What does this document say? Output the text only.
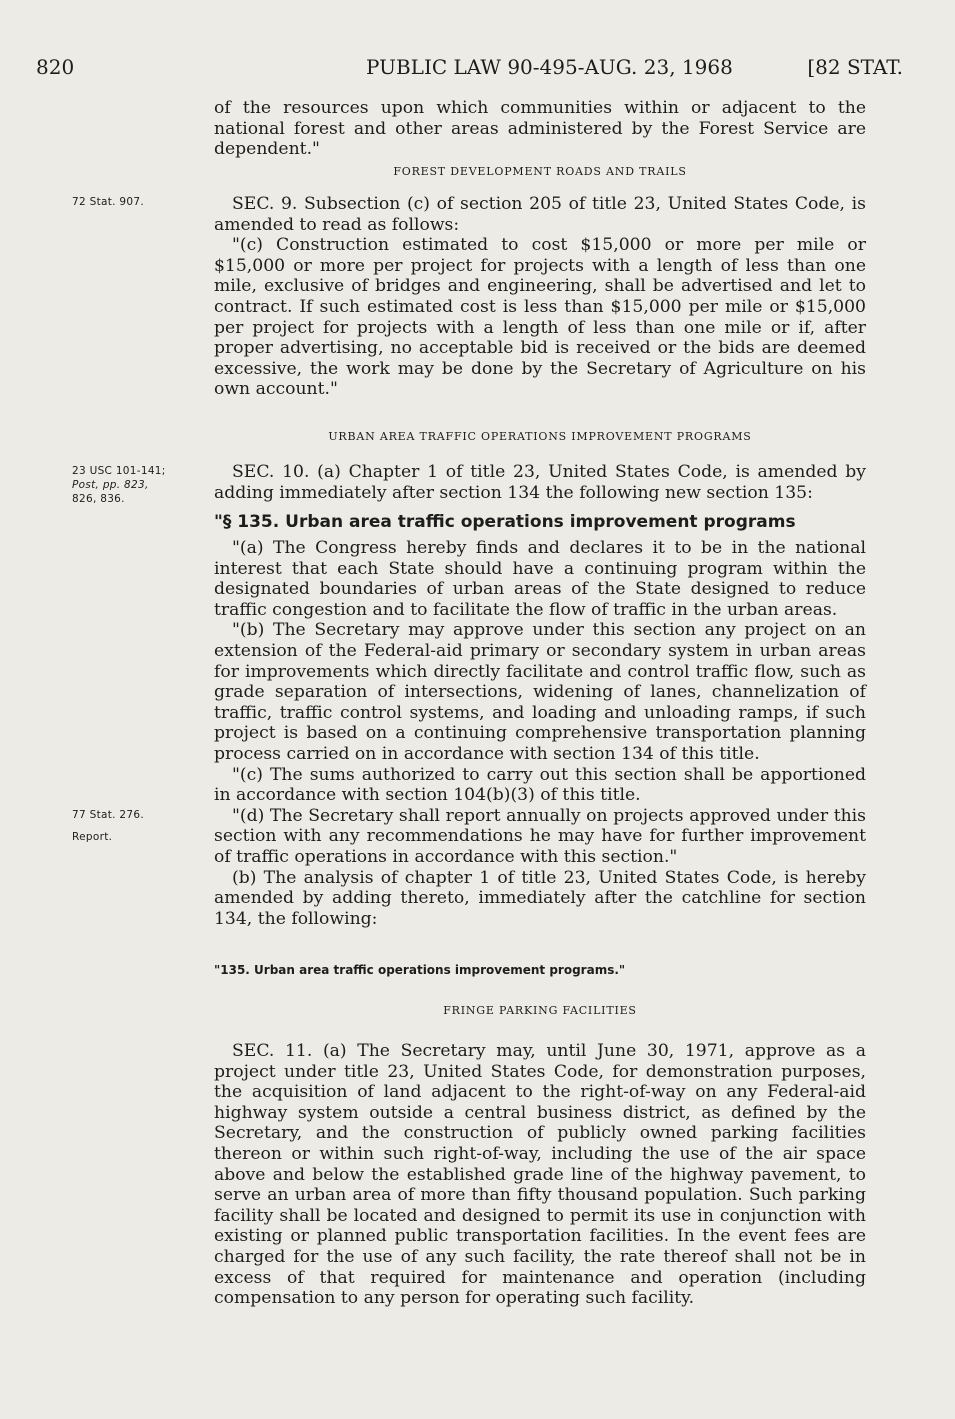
820	PUBLIC LAW 90-495-AUG. 23, 1968	[82 STAT.

of the resources upon which communities within or adjacent to the national forest and other areas administered by the Forest Service are dependent."

FOREST DEVELOPMENT ROADS AND TRAILS
72 Stat. 907.	SEC. 9. Subsection (c) of section 205 of title 23, United States Code, is amended to read as follows:

"(c) Construction estimated to cost $15,000 or more per mile or $15,000 or more per project for projects with a length of less than one mile, exclusive of bridges and engineering, shall be advertised and let to contract. If such estimated cost is less than $15,000 per mile or $15,000 per project for projects with a length of less than one mile or if, after proper advertising, no acceptable bid is received or the bids are deemed excessive, the work may be done by the Secretary of Agriculture on his own account."

URBAN AREA TRAFFIC OPERATIONS IMPROVEMENT PROGRAMS
23 USC 101-141;
Post, pp. 823,
826, 836.

SEC. 10. (a) Chapter 1 of title 23, United States Code, is amended by adding immediately after section 134 the following new section 135:

"§ 135. Urban area traffic operations improvement programs

"(a) The Congress hereby finds and declares it to be in the national interest that each State should have a continuing program within the designated boundaries of urban areas of the State designed to reduce traffic congestion and to facilitate the flow of traffic in the urban areas.

"(b) The Secretary may approve under this section any project on an extension of the Federal-aid primary or secondary system in urban areas for improvements which directly facilitate and control traffic flow, such as grade separation of intersections, widening of lanes, channelization of traffic, traffic control systems, and loading and unloading ramps, if such project is based on a continuing comprehensive transportation planning process carried on in accordance with section 134 of this title.

"(c) The sums authorized to carry out this section shall be apportioned in accordance with section 104(b)(3) of this title.

"(d) The Secretary shall report annually on projects approved under this section with any recommendations he may have for further improvement of traffic operations in accordance with this section."

(b) The analysis of chapter 1 of title 23, United States Code, is hereby amended by adding thereto, immediately after the catchline for section 134, the following:

77 Stat. 276.
Report.
"135. Urban area traffic operations improvement programs."
FRINGE PARKING FACILITIES

SEC. 11. (a) The Secretary may, until June 30, 1971, approve as a project under title 23, United States Code, for demonstration purposes, the acquisition of land adjacent to the right-of-way on any Federal-aid highway system outside a central business district, as defined by the Secretary, and the construction of publicly owned parking facilities thereon or within such right-of-way, including the use of the air space above and below the established grade line of the highway pavement, to serve an urban area of more than fifty thousand population. Such parking facility shall be located and designed to permit its use in conjunction with existing or planned public transportation facilities. In the event fees are charged for the use of any such facility, the rate thereof shall not be in excess of that required for maintenance and operation (including compensation to any person for operating such facility.
